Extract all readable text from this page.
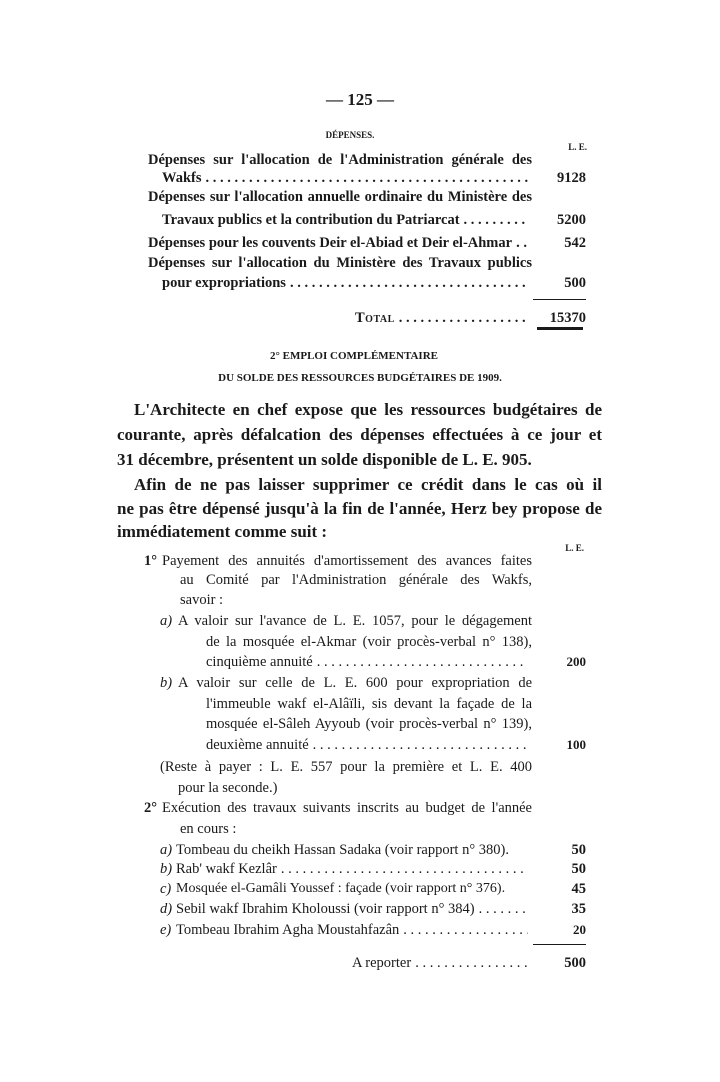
— 125 —
DÉPENSES.
L. E.
Dépenses sur l'allocation de l'Administration générale des
Wakfs . . .	9128
Dépenses sur l'allocation annuelle ordinaire du Ministère des
Travaux publics et la contribution du Patriarcat . . .	5200
Dépenses pour les couvents Deir el-Abiad et Deir el-Ahmar . . .	542
Dépenses sur l'allocation du Ministère des Travaux publics
pour expropriations . . .	500
Total . . .	15370
2° EMPLOI COMPLÉMENTAIRE
DU SOLDE DES RESSOURCES BUDGÉTAIRES DE 1909.
L'Architecte en chef expose que les ressources budgétaires de
courante, après défalcation des dépenses effectuées à ce jour et
31 décembre, présentent un solde disponible de L. E. 905.
Afin de ne pas laisser supprimer ce crédit dans le cas où il
ne pas être dépensé jusqu'à la fin de l'année, Herz bey propose de
immédiatement comme suit :
L. E.
1° Payement des annuités d'amortissement des avances faites
au Comité par l'Administration générale des Wakfs,
savoir :
a) A valoir sur l'avance de L. E. 1057, pour le dégagement
de la mosquée el-Akmar (voir procès-verbal n° 138),
cinquième annuité . . .	200
b) A valoir sur celle de L. E. 600 pour expropriation de
l'immeuble wakf el-Alâïli, sis devant la façade de la
mosquée el-Sâleh Ayyoub (voir procès-verbal n° 139),
deuxième annuité . . .	100
(Reste à payer : L. E. 557 pour la première et L. E. 400
pour la seconde.)
2° Exécution des travaux suivants inscrits au budget de l'année
en cours :
a) Tombeau du cheikh Hassan Sadaka (voir rapport n° 380).	50
b) Rab' wakf Kezlâr . . .	50
c) Mosquée el-Gamâli Youssef : façade (voir rapport n° 376).	45
d) Sebil wakf Ibrahim Kholoussi (voir rapport n° 384) . . .	35
e) Tombeau Ibrahim Agha Moustahfazân . . .	20
A reporter . . .	500
